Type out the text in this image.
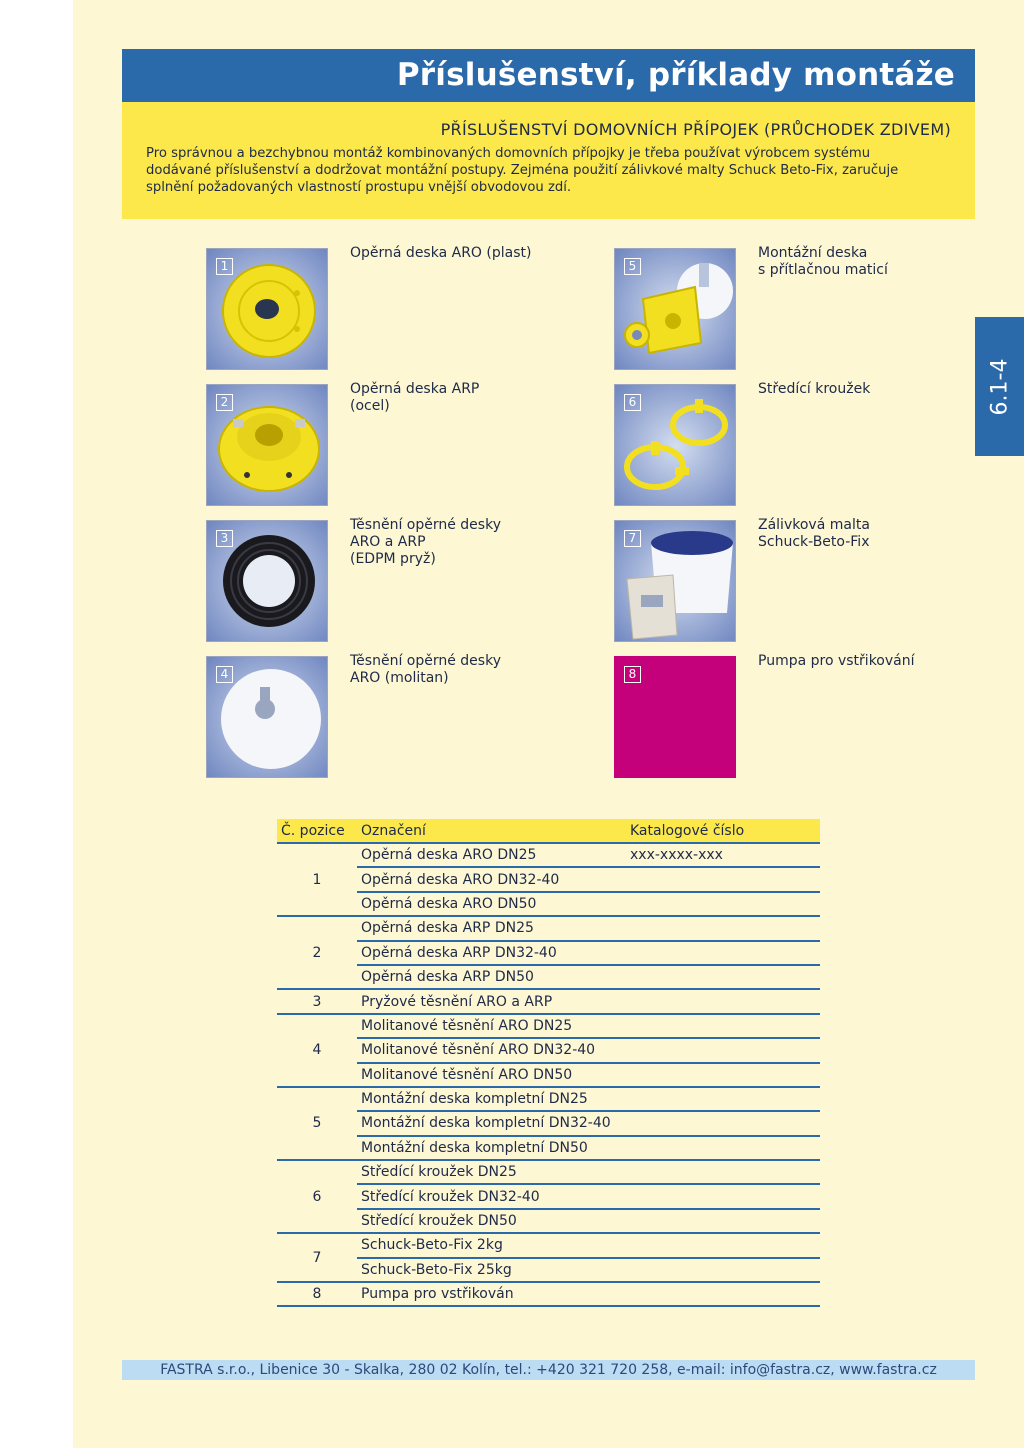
Příslušenství, příklady montáže
PŘÍSLUŠENSTVÍ DOMOVNÍCH PŘÍPOJEK (PRŮCHODEK ZDIVEM)
Pro správnou a bezchybnou montáž kombinovaných domovních přípojky je třeba používat výrobcem systému
dodávané příslušenství a dodržovat montážní postupy. Zejména použití zálivkové malty Schuck Beto-Fix, zaručuje
splnění požadovaných vlastností prostupu vnější obvodovou zdí.
6.1-4
1
Opěrná deska ARO (plast)
2
Opěrná deska ARP
(ocel)
3
Těsnění opěrné desky
ARO a ARP
(EDPM pryž)
4
Těsnění opěrné desky
ARO (molitan)
5
Montážní deska
s přítlačnou maticí
6
Středící kroužek
7
Zálivková malta
Schuck-Beto-Fix
8
Pumpa pro vstřikování
Č. pozice	Označení	Katalogové číslo
1	Opěrná deska ARO DN25	xxx-xxxx-xxx
	Opěrná deska ARO DN32-40	
	Opěrná deska ARO DN50	
2	Opěrná deska ARP DN25	
	Opěrná deska ARP DN32-40	
	Opěrná deska ARP DN50	
3	Pryžové těsnění ARO a ARP	
4	Molitanové těsnění ARO DN25	
	Molitanové těsnění ARO DN32-40	
	Molitanové těsnění ARO DN50	
5	Montážní deska kompletní DN25	
	Montážní deska kompletní DN32-40	
	Montážní deska kompletní DN50	
6	Středící kroužek DN25	
	Středící kroužek DN32-40	
	Středící kroužek DN50	
7	Schuck-Beto-Fix 2kg	
	Schuck-Beto-Fix 25kg	
8	Pumpa pro vstřikován	
FASTRA s.r.o., Libenice 30 - Skalka, 280 02 Kolín, tel.: +420 321 720 258, e-mail: info@fastra.cz, www.fastra.cz
